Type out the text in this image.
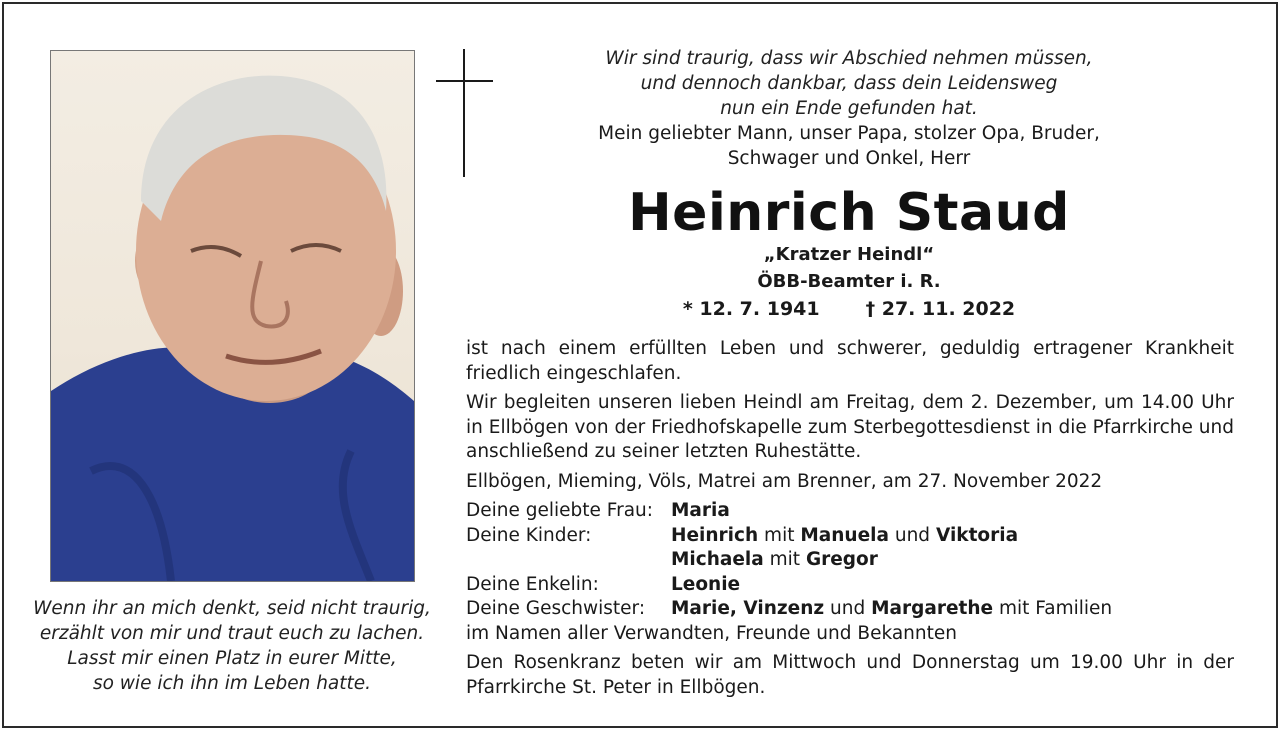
Wenn ihr an mich denkt, seid nicht traurig,
erzählt von mir und traut euch zu lachen.
Lasst mir einen Platz in eurer Mitte,
so wie ich ihn im Leben hatte.
Wir sind traurig, dass wir Abschied nehmen müssen,
und dennoch dankbar, dass dein Leidensweg
nun ein Ende gefunden hat.
Mein geliebter Mann, unser Papa, stolzer Opa, Bruder,
Schwager und Onkel, Herr
Heinrich Staud
„Kratzer Heindl“
ÖBB-Beamter i. R.
* 12. 7. 1941 † 27. 11. 2022

ist nach einem erfüllten Leben und schwerer, geduldig ertragener Krankheit friedlich eingeschlafen.

Wir begleiten unseren lieben Heindl am Freitag, dem 2. Dezember, um 14.00 Uhr in Ellbögen von der Friedhofskapelle zum Sterbegottesdienst in die Pfarrkirche und anschließend zu seiner letzten Ruhestätte.

Ellbögen, Mieming, Völs, Matrei am Brenner, am 27. November 2022

Deine geliebte Frau: Maria
Deine Kinder:	Heinrich mit Manuela und Viktoria
Michaela mit Gregor
Deine Enkelin:	Leonie
Deine Geschwister:	Marie, Vinzenz und Margarethe mit Familien

im Namen aller Verwandten, Freunde und Bekannten

Den Rosenkranz beten wir am Mittwoch und Donnerstag um 19.00 Uhr in der Pfarrkirche St. Peter in Ellbögen.
